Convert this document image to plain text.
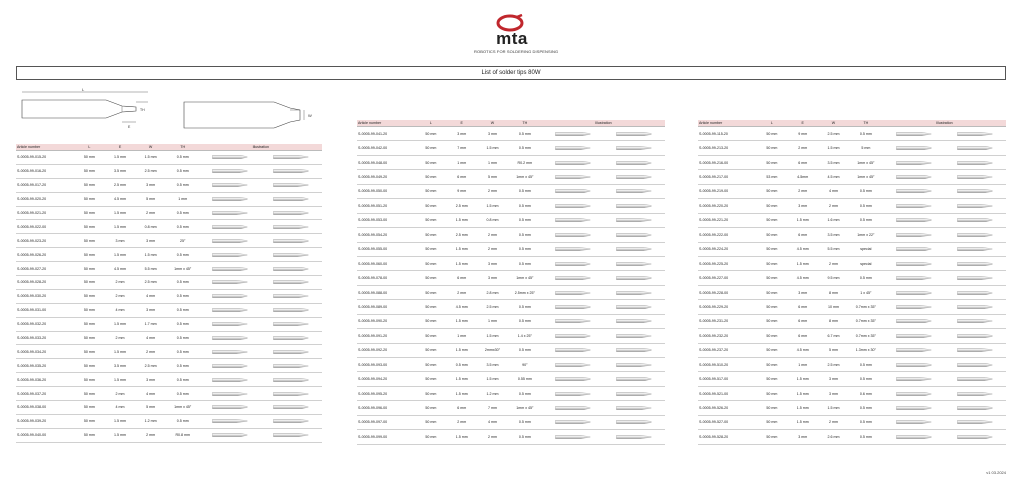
mta
ROBOTICS FOR SOLDERING DISPENSING
List of solder tips 80W
L
TH
E
W
Article number	L	E	W	TH	Illustration
S-0005-99-015-20	50 mm	1.5 mm	1.5 mm	0.5 mm	

S-0005-99-016-20	50 mm	3.5 mm	2.5 mm	0.5 mm	

S-0005-99-017-20	50 mm	2.5 mm	3 mm	0.5 mm	

S-0005-99-020-20	50 mm	4.5 mm	5 mm	1 mm	

S-0005-99-021-20	50 mm	1.5 mm	2 mm	0.5 mm	

S-0005-99-022-00	50 mm	1.5 mm	0.8 mm	0.5 mm	

S-0005-99-023-20	50 mm	3 mm	3 mm	25°	

S-0005-99-026-20	50 mm	1.5 mm	1.5 mm	0.5 mm	

S-0005-99-027-20	50 mm	4.5 mm	5.5 mm	1mm x 45°	

S-0005-99-028-20	50 mm	2 mm	2.5 mm	0.5 mm	

S-0005-99-030-20	50 mm	2 mm	4 mm	0.5 mm	

S-0005-99-031-00	50 mm	4 mm	3 mm	0.5 mm	

S-0005-99-032-20	50 mm	1.5 mm	1.7 mm	0.5 mm	

S-0005-99-033-20	50 mm	2 mm	4 mm	0.5 mm	

S-0005-99-034-20	50 mm	1.5 mm	2 mm	0.5 mm	

S-0005-99-035-20	50 mm	3.5 mm	2.5 mm	0.5 mm	

S-0005-99-036-20	50 mm	1.5 mm	3 mm	0.5 mm	

S-0005-99-037-20	50 mm	2 mm	4 mm	0.5 mm	

S-0005-99-038-00	50 mm	4 mm	5 mm	1mm x 45°	

S-0005-99-039-20	50 mm	1.5 mm	1.2 mm	0.5 mm	

S-0005-99-040-00	50 mm	1.5 mm	2 mm	R0.8 mm	
Article number	L	E	W	TH	Illustration
S-0005-99-041-20	50 mm	3 mm	3 mm	0.5 mm	

S-0005-99-042-00	50 mm	7 mm	1.5 mm	0.5 mm	

S-0005-99-048-00	50 mm	1 mm	1 mm	R0.2 mm	

S-0005-99-049-20	50 mm	6 mm	5 mm	1mm x 45°	

S-0005-99-050-00	50 mm	9 mm	2 mm	0.5 mm	

S-0005-99-051-20	50 mm	2.5 mm	1.5 mm	0.5 mm	

S-0005-99-053-00	50 mm	1.5 mm	0.8 mm	0.5 mm	

S-0005-99-054-20	50 mm	2.5 mm	2 mm	0.5 mm	

S-0005-99-055-00	50 mm	1.5 mm	2 mm	0.5 mm	

S-0005-99-060-00	50 mm	1.5 mm	3 mm	0.5 mm	

S-0005-99-078-00	50 mm	6 mm	3 mm	1mm x 45°	

S-0005-99-088-00	50 mm	2 mm	2.8 mm	2.5mm x 25°	

S-0005-99-089-00	50 mm	4.5 mm	2.5 mm	0.5 mm	

S-0005-99-090-20	50 mm	1.5 mm	1 mm	0.5 mm	

S-0005-99-091-20	50 mm	1 mm	1.5 mm	1.4 x 25°	

S-0005-99-092-20	50 mm	1.5 mm	2mmx30°	0.5 mm	

S-0005-99-093-00	50 mm	0.5 mm	3.5 mm	90°	

S-0005-99-094-20	50 mm	1.5 mm	1.5 mm	0.55 mm	

S-0005-99-095-20	50 mm	1.5 mm	1.2 mm	0.5 mm	

S-0005-99-096-00	50 mm	6 mm	7 mm	1mm x 45°	

S-0005-99-097-00	50 mm	2 mm	4 mm	0.5 mm	

S-0005-99-099-00	50 mm	1.5 mm	2 mm	0.5 mm	
Article number	L	E	W	TH	Illustration
S-0005-99-115-20	50 mm	9 mm	2.5 mm	0.5 mm	

S-0005-99-213-20	50 mm	2 mm	1.5 mm	5 mm	

S-0005-99-216-00	50 mm	6 mm	3.5 mm	1mm x 45°	

S-0005-99-217-00	53 mm	4-5mm	4.5 mm	1mm x 45°	

S-0005-99-219-00	50 mm	2 mm	4 mm	0.5 mm	

S-0005-99-220-20	50 mm	3 mm	2 mm	0.5 mm	

S-0005-99-221-20	50 mm	1.5 mm	1.6 mm	0.5 mm	

S-0005-99-222-00	50 mm	6 mm	3.5 mm	1mm x 22°	

S-0005-99-224-20	50 mm	4.5 mm	5.5 mm	special	

S-0005-99-225-20	50 mm	1.5 mm	2 mm	special	

S-0005-99-227-00	50 mm	4.5 mm	9.5 mm	0.5 mm	

S-0005-99-228-00	50 mm	3 mm	8 mm	1 x 45°	

S-0005-99-229-20	50 mm	6 mm	10 mm	0.7mm x 35°	

S-0005-99-231-20	50 mm	6 mm	8 mm	0.7mm x 35°	

S-0005-99-232-20	50 mm	6 mm	6.7 mm	0.7mm x 35°	

S-0005-99-237-20	50 mm	4.5 mm	5 mm	1.3mm x 30°	

S-0005-99-510-20	50 mm	1 mm	2.5 mm	0.5 mm	

S-0005-99-517-00	50 mm	1.5 mm	3 mm	0.5 mm	

S-0005-99-521-00	50 mm	1.5 mm	3 mm	0.6 mm	

S-0005-99-526-20	50 mm	1.5 mm	1.5 mm	0.5 mm	

S-0005-99-527-00	50 mm	1.5 mm	2 mm	0.5 mm	

S-0005-99-528-20	50 mm	3 mm	2.6 mm	0.5 mm	
v1 03.2024
